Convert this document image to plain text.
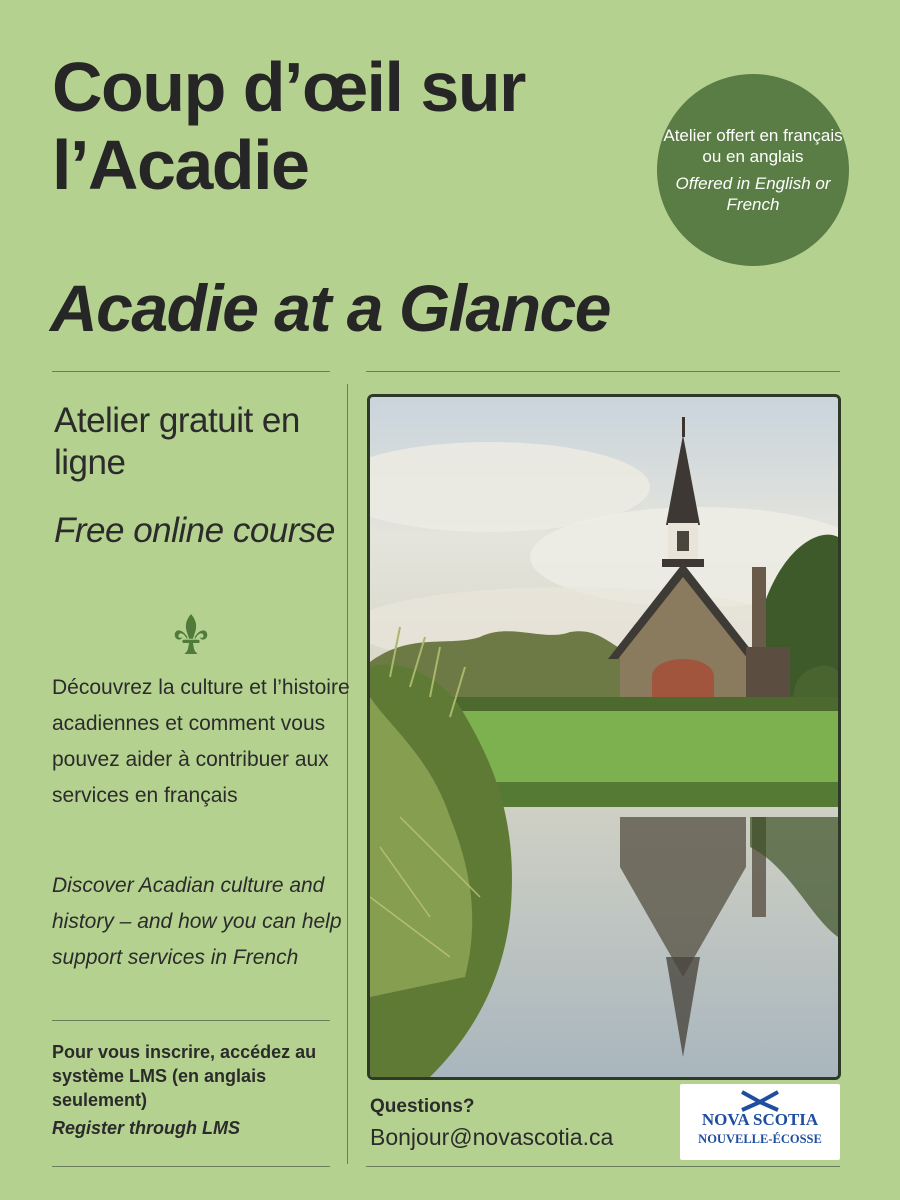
Coup d’œil sur
l’Acadie	Atelier offert en français ou en anglais
Offered in English or French
Acadie at a Glance
Atelier gratuit en ligne
Free online course
Découvrez la culture et l’histoire acadiennes et comment vous pouvez aider à contribuer aux services en français
Discover Acadian culture and history – and how you can help support services in French
Pour vous inscrire, accédez au système LMS (en anglais seulement)
Register through LMS
Questions?
Bonjour@novascotia.ca
NOVA SCOTIA
NOUVELLE-ÉCOSSE
